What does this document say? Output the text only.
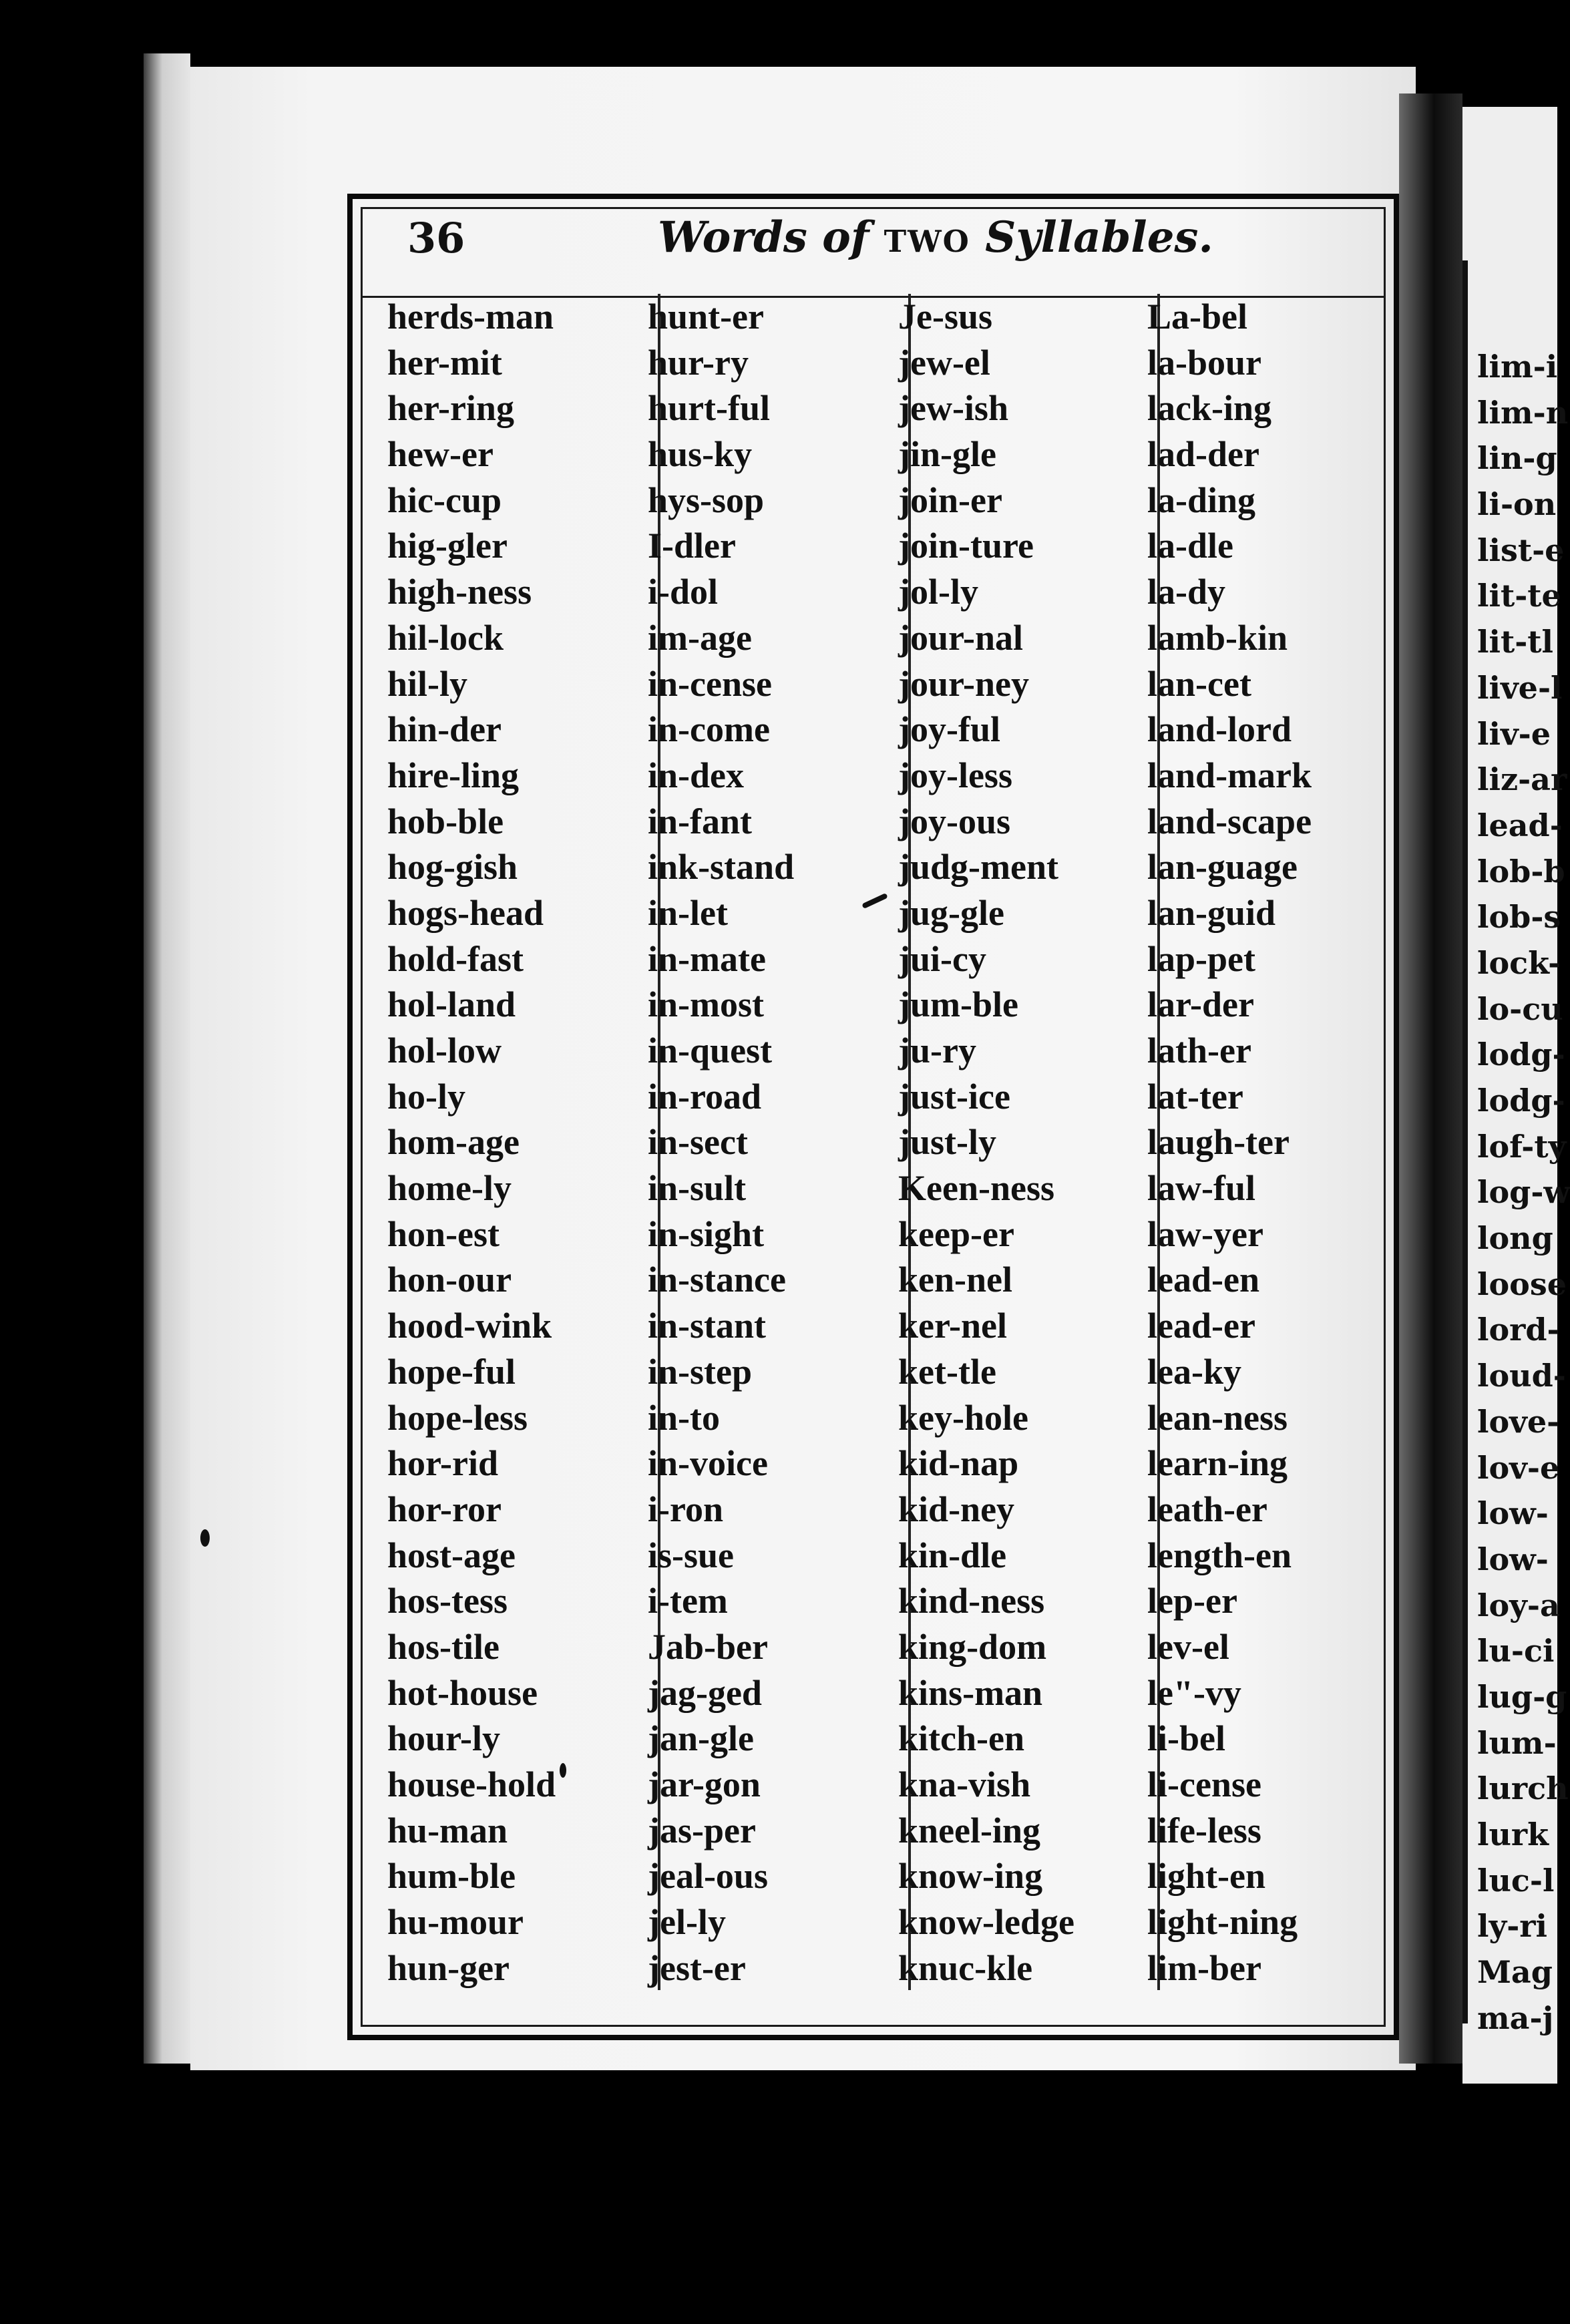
lim-i
lim-n
lin-g
li-on
list-e
lit-te
lit-tl
live-l
liv-e
liz-ar
lead-
lob-b
lob-s
lock-
lo-cu
lodg-
lodg-
lof-ty
log-w
long
loose
lord-
loud-
love-
lov-e
low-
low-
loy-a
lu-ci
lug-g
lum-
lurch
lurk
luc-l
ly-ri
Mag
ma-j
36	Words of two Syllables.
herds-man
her-mit
her-ring
hew-er
hic-cup
hig-gler
high-ness
hil-lock
hil-ly
hin-der
hire-ling
hob-ble
hog-gish
hogs-head
hold-fast
hol-land
hol-low
ho-ly
hom-age
home-ly
hon-est
hon-our
hood-wink
hope-ful
hope-less
hor-rid
hor-ror
host-age
hos-tess
hos-tile
hot-house
hour-ly
house-hold
hu-man
hum-ble
hu-mour
hun-ger
hunt-er
hur-ry
hurt-ful
hus-ky
hys-sop
I-dler
i-dol
im-age
in-cense
in-come
in-dex
in-fant
ink-stand
in-let
in-mate
in-most
in-quest
in-road
in-sect
in-sult
in-sight
in-stance
in-stant
in-step
in-to
in-voice
i-ron
is-sue
i-tem
Jab-ber
jag-ged
jan-gle
jar-gon
jas-per
jeal-ous
jel-ly
jest-er
Je-sus
jew-el
jew-ish
jin-gle
join-er
join-ture
jol-ly
jour-nal
jour-ney
joy-ful
joy-less
joy-ous
judg-ment
jug-gle
jui-cy
jum-ble
ju-ry
just-ice
just-ly
Keen-ness
keep-er
ken-nel
ker-nel
ket-tle
key-hole
kid-nap
kid-ney
kin-dle
kind-ness
king-dom
kins-man
kitch-en
kna-vish
kneel-ing
know-ing
know-ledge
knuc-kle
La-bel
la-bour
lack-ing
lad-der
la-ding
la-dle
la-dy
lamb-kin
lan-cet
land-lord
land-mark
land-scape
lan-guage
lan-guid
lap-pet
lar-der
lath-er
lat-ter
laugh-ter
law-ful
law-yer
lead-en
lead-er
lea-ky
lean-ness
learn-ing
leath-er
length-en
lep-er
lev-el
le"-vy
li-bel
li-cense
life-less
light-en
light-ning
lim-ber
